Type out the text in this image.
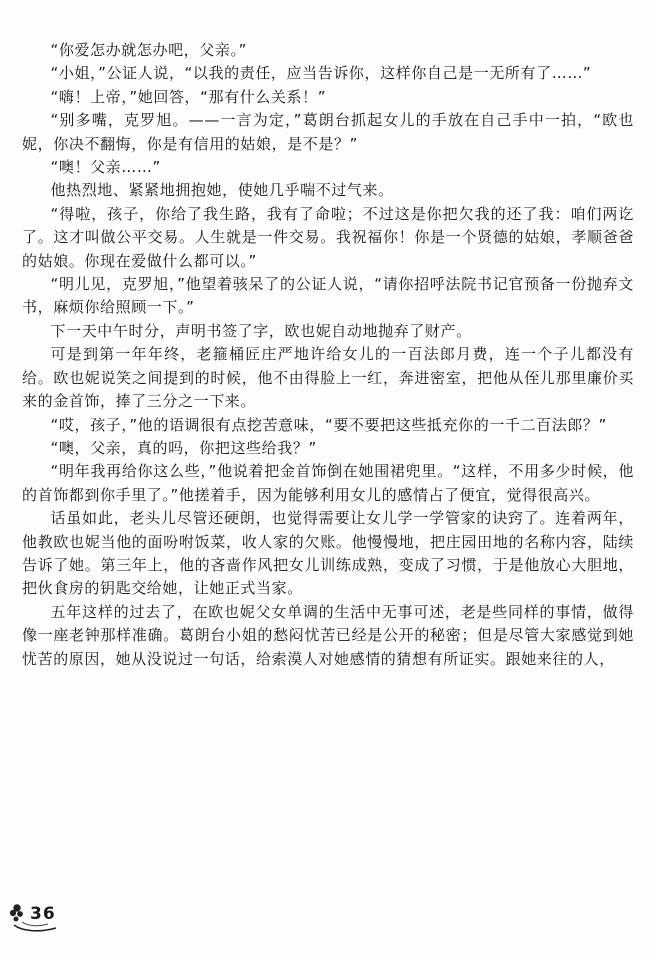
“你爱怎办就怎办吧，父亲。”

“小姐，”公证人说，“以我的责任，应当告诉你，这样你自己是一无所有了……”

“嗨！上帝，”她回答，“那有什么关系！”

“别多嘴，克罗旭。——一言为定，”葛朗台抓起女儿的手放在自己手中一拍，“欧也妮，你决不翻悔，你是有信用的姑娘，是不是？”

“噢！父亲……”

他热烈地、紧紧地拥抱她，使她几乎喘不过气来。

“得啦，孩子，你给了我生路，我有了命啦；不过这是你把欠我的还了我：咱们两讫了。这才叫做公平交易。人生就是一件交易。我祝福你！你是一个贤德的姑娘，孝顺爸爸的姑娘。你现在爱做什么都可以。”

“明儿见，克罗旭，”他望着骇呆了的公证人说，“请你招呼法院书记官预备一份抛弃文书，麻烦你给照顾一下。”

下一天中午时分，声明书签了字，欧也妮自动地抛弃了财产。

可是到第一年年终，老箍桶匠庄严地许给女儿的一百法郎月费，连一个子儿都没有给。欧也妮说笑之间提到的时候，他不由得脸上一红，奔进密室，把他从侄儿那里廉价买来的金首饰，捧了三分之一下来。

“哎，孩子，”他的语调很有点挖苦意味，“要不要把这些抵充你的一千二百法郎？”

“噢，父亲，真的吗，你把这些给我？”

“明年我再给你这么些，”他说着把金首饰倒在她围裙兜里。“这样，不用多少时候，他的首饰都到你手里了。”他搓着手，因为能够利用女儿的感情占了便宜，觉得很高兴。

话虽如此，老头儿尽管还硬朗，也觉得需要让女儿学一学管家的诀窍了。连着两年，他教欧也妮当他的面吩咐饭菜，收人家的欠账。他慢慢地，把庄园田地的名称内容，陆续告诉了她。第三年上，他的吝啬作风把女儿训练成熟，变成了习惯，于是他放心大胆地，把伙食房的钥匙交给她，让她正式当家。

五年这样的过去了，在欧也妮父女单调的生活中无事可述，老是些同样的事情，做得像一座老钟那样准确。葛朗台小姐的愁闷忧苦已经是公开的秘密；但是尽管大家感觉到她忧苦的原因，她从没说过一句话，给索漠人对她感情的猜想有所证实。跟她来往的人，

36
